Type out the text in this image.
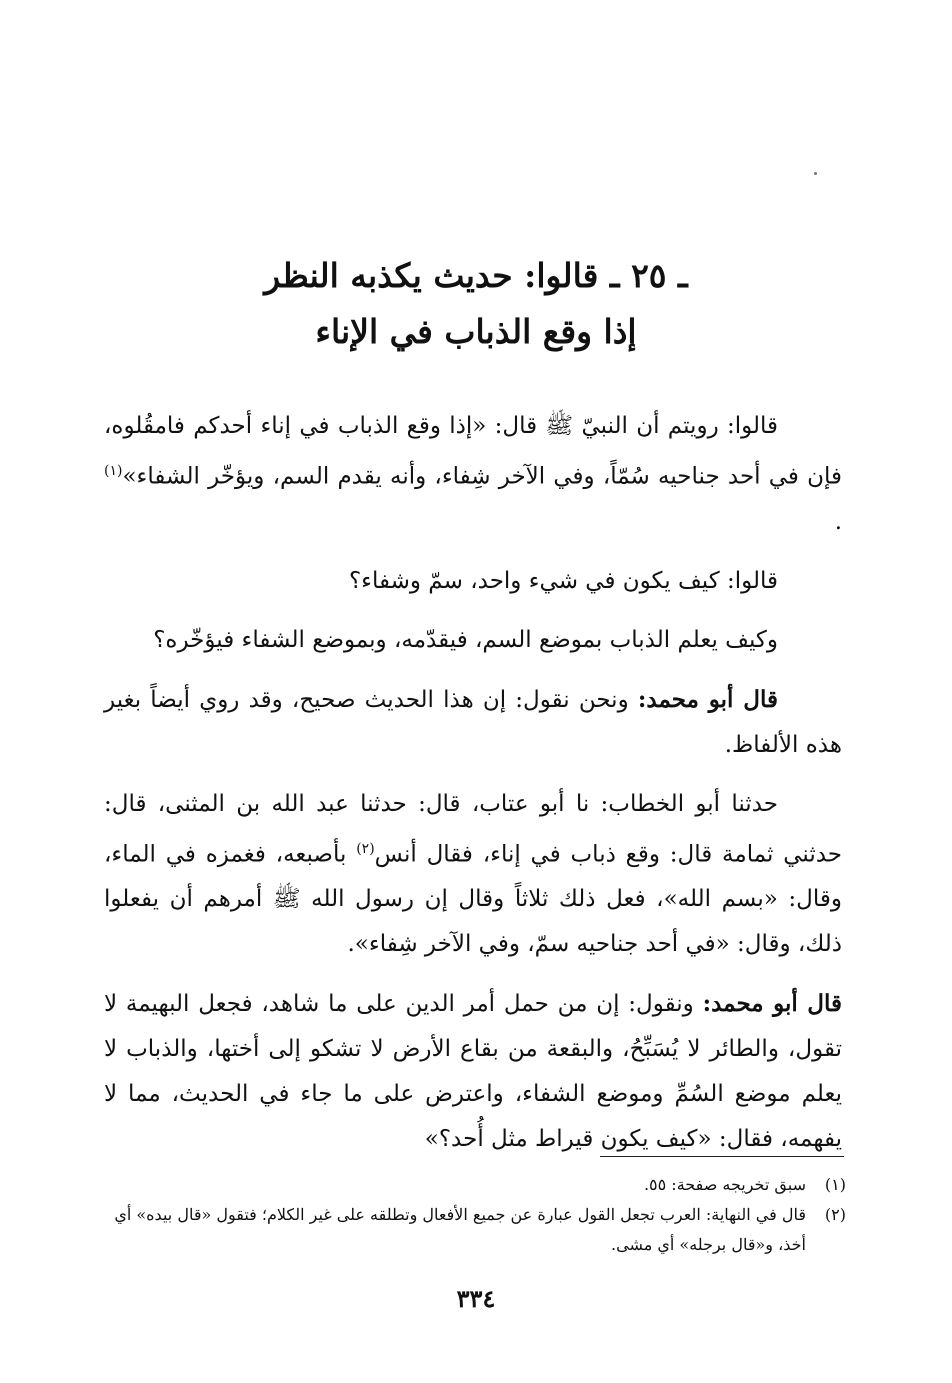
ـ ٢٥ ـ قالوا: حديث يكذبه النظر
إذا وقع الذباب في الإناء

قالوا: رويتم أن النبيّ ﷺ قال: «إذا وقع الذباب في إناء أحدكم فامقُلوه، فإن في أحد جناحيه سُمّاً، وفي الآخر شِفاء، وأنه يقدم السم، ويؤخّر الشفاء»$^{(١)}$ .

قالوا: كيف يكون في شيء واحد، سمّ وشفاء؟

وكيف يعلم الذباب بموضع السم، فيقدّمه، وبموضع الشفاء فيؤخّره؟

قال أبو محمد: ونحن نقول: إن هذا الحديث صحيح، وقد روي أيضاً بغير هذه الألفاظ.

حدثنا أبو الخطاب: نا أبو عتاب، قال: حدثنا عبد الله بن المثنى، قال: حدثني ثمامة قال: وقع ذباب في إناء، فقال أنس$^{(٢)}$ بأصبعه، فغمزه في الماء، وقال: «بسم الله»، فعل ذلك ثلاثاً وقال إن رسول الله ﷺ أمرهم أن يفعلوا ذلك، وقال: «في أحد جناحيه سمّ، وفي الآخر شِفاء».

قال أبو محمد: ونقول: إن من حمل أمر الدين على ما شاهد، فجعل البهيمة لا تقول، والطائر لا يُسَبِّحُ، والبقعة من بقاع الأرض لا تشكو إلى أختها، والذباب لا يعلم موضع السُمِّ وموضع الشفاء، واعترض على ما جاء في الحديث، مما لا يفهمه، فقال: «كيف يكون قيراط مثل أُحد؟»

(١)
سبق تخريجه صفحة: ٥٥.
(٢)
قال في النهاية: العرب تجعل القول عبارة عن جميع الأفعال وتطلقه على غير الكلام؛ فتقول «قال بيده» أي أخذ، و«قال برجله» أي مشى.
٣٣٤
